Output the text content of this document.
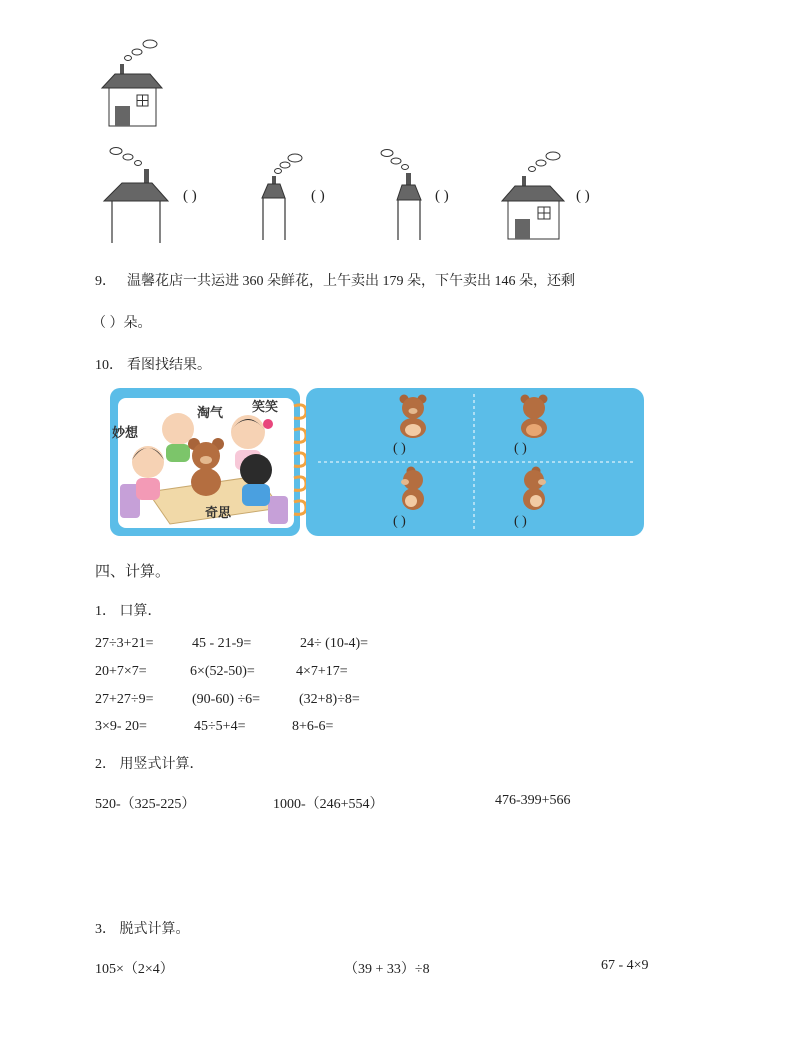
( )	( )	( )	( )
9． 温馨花店一共运进 360 朵鲜花，上午卖出 179 朵，下午卖出 146 朵，还剩
（ ）朵。
10． 看图找结果。
妙想
淘气 笑笑
奇思
( )	( )
( )	( )
四、计算。
1． 口算．
27÷3+21=	45 - 21-9=	24÷ (10-4)=
20+7×7=	6×(52-50)=	4×7+17=
27+27÷9=	(90-60) ÷6=	(32+8)÷8=
3×9- 20=	45÷5+4=	8+6-6=
2． 用竖式计算．
520-（325-225）	1000-（246+554）	476-399+566
3． 脱式计算。
105×（2×4）	（39 + 33）÷8	67 - 4×9
